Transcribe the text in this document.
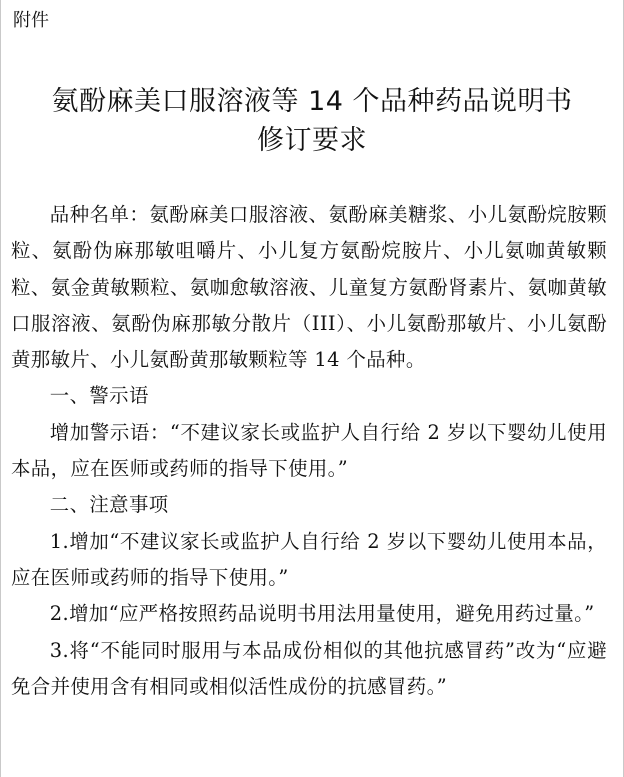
附件
氨酚麻美口服溶液等 14 个品种药品说明书
修订要求

品种名单：氨酚麻美口服溶液、氨酚麻美糖浆、小儿氨酚烷胺颗粒、氨酚伪麻那敏咀嚼片、小儿复方氨酚烷胺片、小儿氨咖黄敏颗粒、氨金黄敏颗粒、氨咖愈敏溶液、儿童复方氨酚肾素片、氨咖黄敏口服溶液、氨酚伪麻那敏分散片（III）、小儿氨酚那敏片、小儿氨酚黄那敏片、小儿氨酚黄那敏颗粒等 14 个品种。

一、警示语

增加警示语：“不建议家长或监护人自行给 2 岁以下婴幼儿使用本品，应在医师或药师的指导下使用。”

二、注意事项

1.增加“不建议家长或监护人自行给 2 岁以下婴幼儿使用本品，应在医师或药师的指导下使用。”

2.增加“应严格按照药品说明书用法用量使用，避免用药过量。”

3.将“不能同时服用与本品成份相似的其他抗感冒药”改为“应避免合并使用含有相同或相似活性成份的抗感冒药。”
